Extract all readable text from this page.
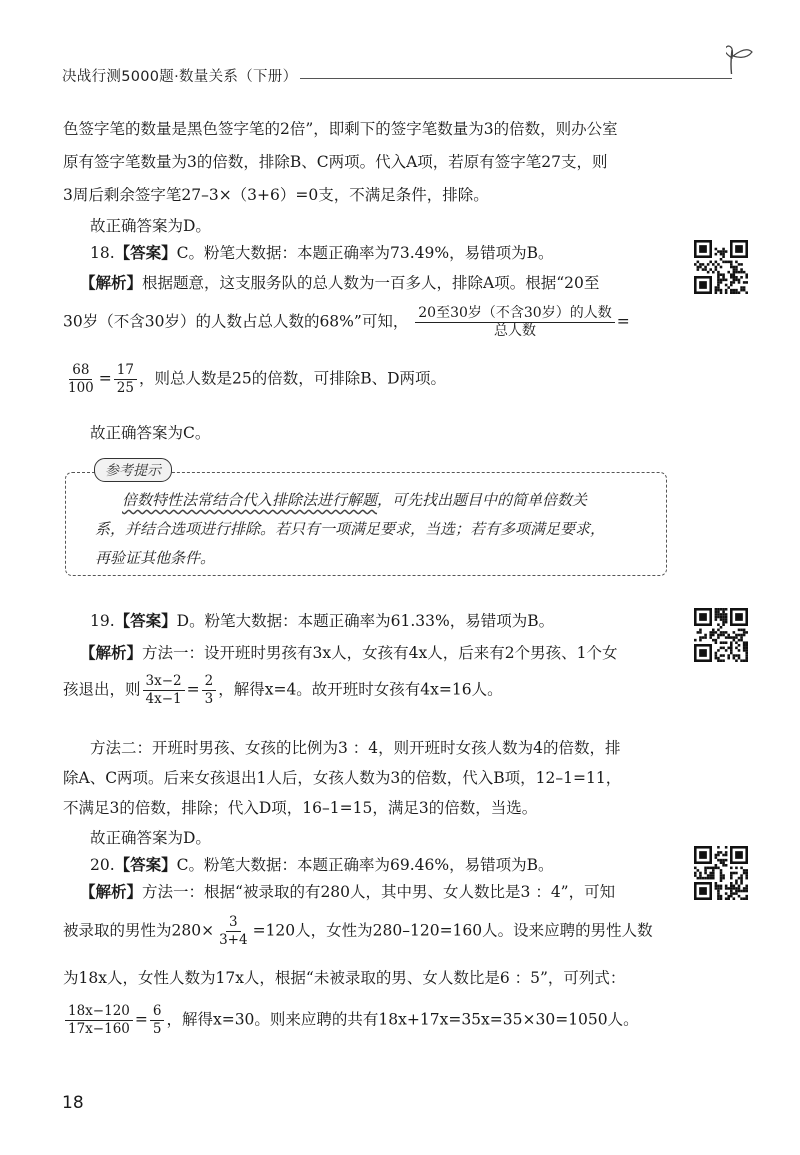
决战行测5000题·数量关系（下册）
色签字笔的数量是黑色签字笔的2倍”，即剩下的签字笔数量为3的倍数，则办公室
原有签字笔数量为3的倍数，排除B、C两项。代入A项，若原有签字笔27支，则
3周后剩余签字笔27–3×（3+6）=0支，不满足条件，排除。
故正确答案为D。
18.【答案】C。粉笔大数据：本题正确率为73.49%，易错项为B。
【解析】根据题意，这支服务队的总人数为一百多人，排除A项。根据“20至
30岁（不含30岁）的人数占总人数的68%”可知， $\frac{\text{20至30岁（不含30岁）的人数}}{\text{总人数}}$ =
$\frac{68}{100} = \frac{17}{25}$ ，则总人数是25的倍数，可排除B、D两项。
故正确答案为C。
参考提示
倍数特性法常结合代入排除法进行解题，可先找出题目中的简单倍数关
系，并结合选项进行排除。若只有一项满足要求，当选；若有多项满足要求，
再验证其他条件。
19.【答案】D。粉笔大数据：本题正确率为61.33%，易错项为B。
【解析】方法一：设开班时男孩有3x人，女孩有4x人，后来有2个男孩、1个女
孩退出，则 $\frac{3x-2}{4x-1} = \frac{2}{3}$ ，解得x=4。故开班时女孩有4x=16人。
方法二：开班时男孩、女孩的比例为3 ：4，则开班时女孩人数为4的倍数，排
除A、C两项。后来女孩退出1人后，女孩人数为3的倍数，代入B项，12–1=11，
不满足3的倍数，排除；代入D项，16–1=15，满足3的倍数，当选。
故正确答案为D。
20.【答案】C。粉笔大数据：本题正确率为69.46%，易错项为B。
【解析】方法一：根据“被录取的有280人，其中男、女人数比是3 ：4”，可知
被录取的男性为$280\times \frac{3}{3+4} =120$人，女性为280–120=160人。设来应聘的男性人数
为18x人，女性人数为17x人，根据“未被录取的男、女人数比是6 ：5”，可列式：
$\frac{18x-120}{17x-160} = \frac{6}{5}$ ，解得x=30。则来应聘的共有18x+17x=35x=35×30=1050人。
18
